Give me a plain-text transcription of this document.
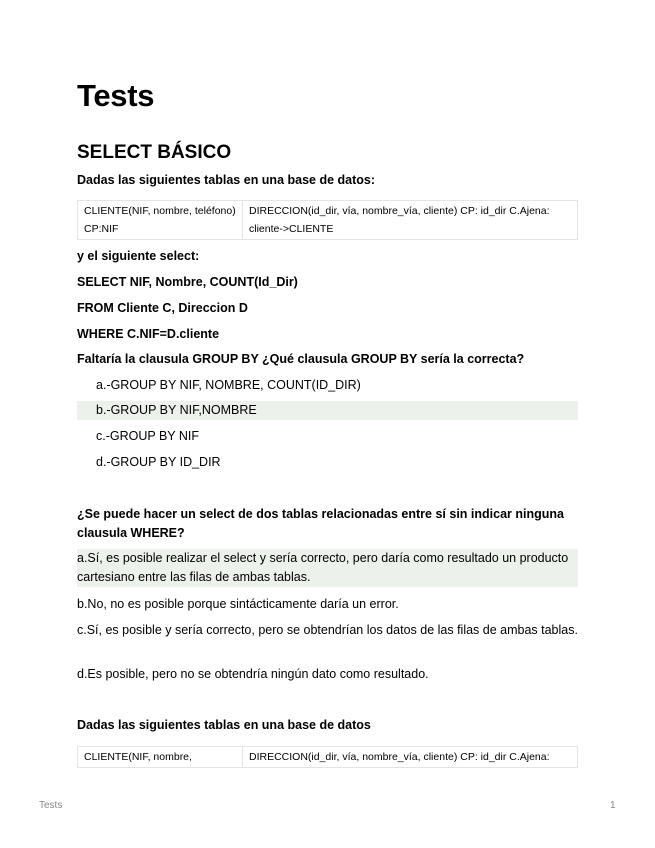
Tests
SELECT BÁSICO

Dadas las siguientes tablas en una base de datos:

CLIENTE(NIF, nombre, teléfono) CP:NIF	DIRECCION(id_dir, vía, nombre_vía, cliente) CP: id_dir C.Ajena: cliente->CLIENTE

y el siguiente select:

SELECT NIF, Nombre, COUNT(Id_Dir)

FROM Cliente C, Direccion D

WHERE C.NIF=D.cliente

Faltaría la clausula GROUP BY ¿Qué clausula GROUP BY sería la correcta?

a.-GROUP BY NIF, NOMBRE, COUNT(ID_DIR)
b.-GROUP BY NIF,NOMBRE
c.-GROUP BY NIF
d.-GROUP BY ID_DIR

¿Se puede hacer un select de dos tablas relacionadas entre sí sin indicar ninguna clausula WHERE?

a.Sí, es posible realizar el select y sería correcto, pero daría como resultado un producto cartesiano entre las filas de ambas tablas.
b.No, no es posible porque sintácticamente daría un error.
c.Sí, es posible y sería correcto, pero se obtendrían los datos de las filas de ambas tablas.
d.Es posible, pero no se obtendría ningún dato como resultado.

Dadas las siguientes tablas en una base de datos

CLIENTE(NIF, nombre,	DIRECCION(id_dir, vía, nombre_vía, cliente) CP: id_dir C.Ajena:
Tests	1
